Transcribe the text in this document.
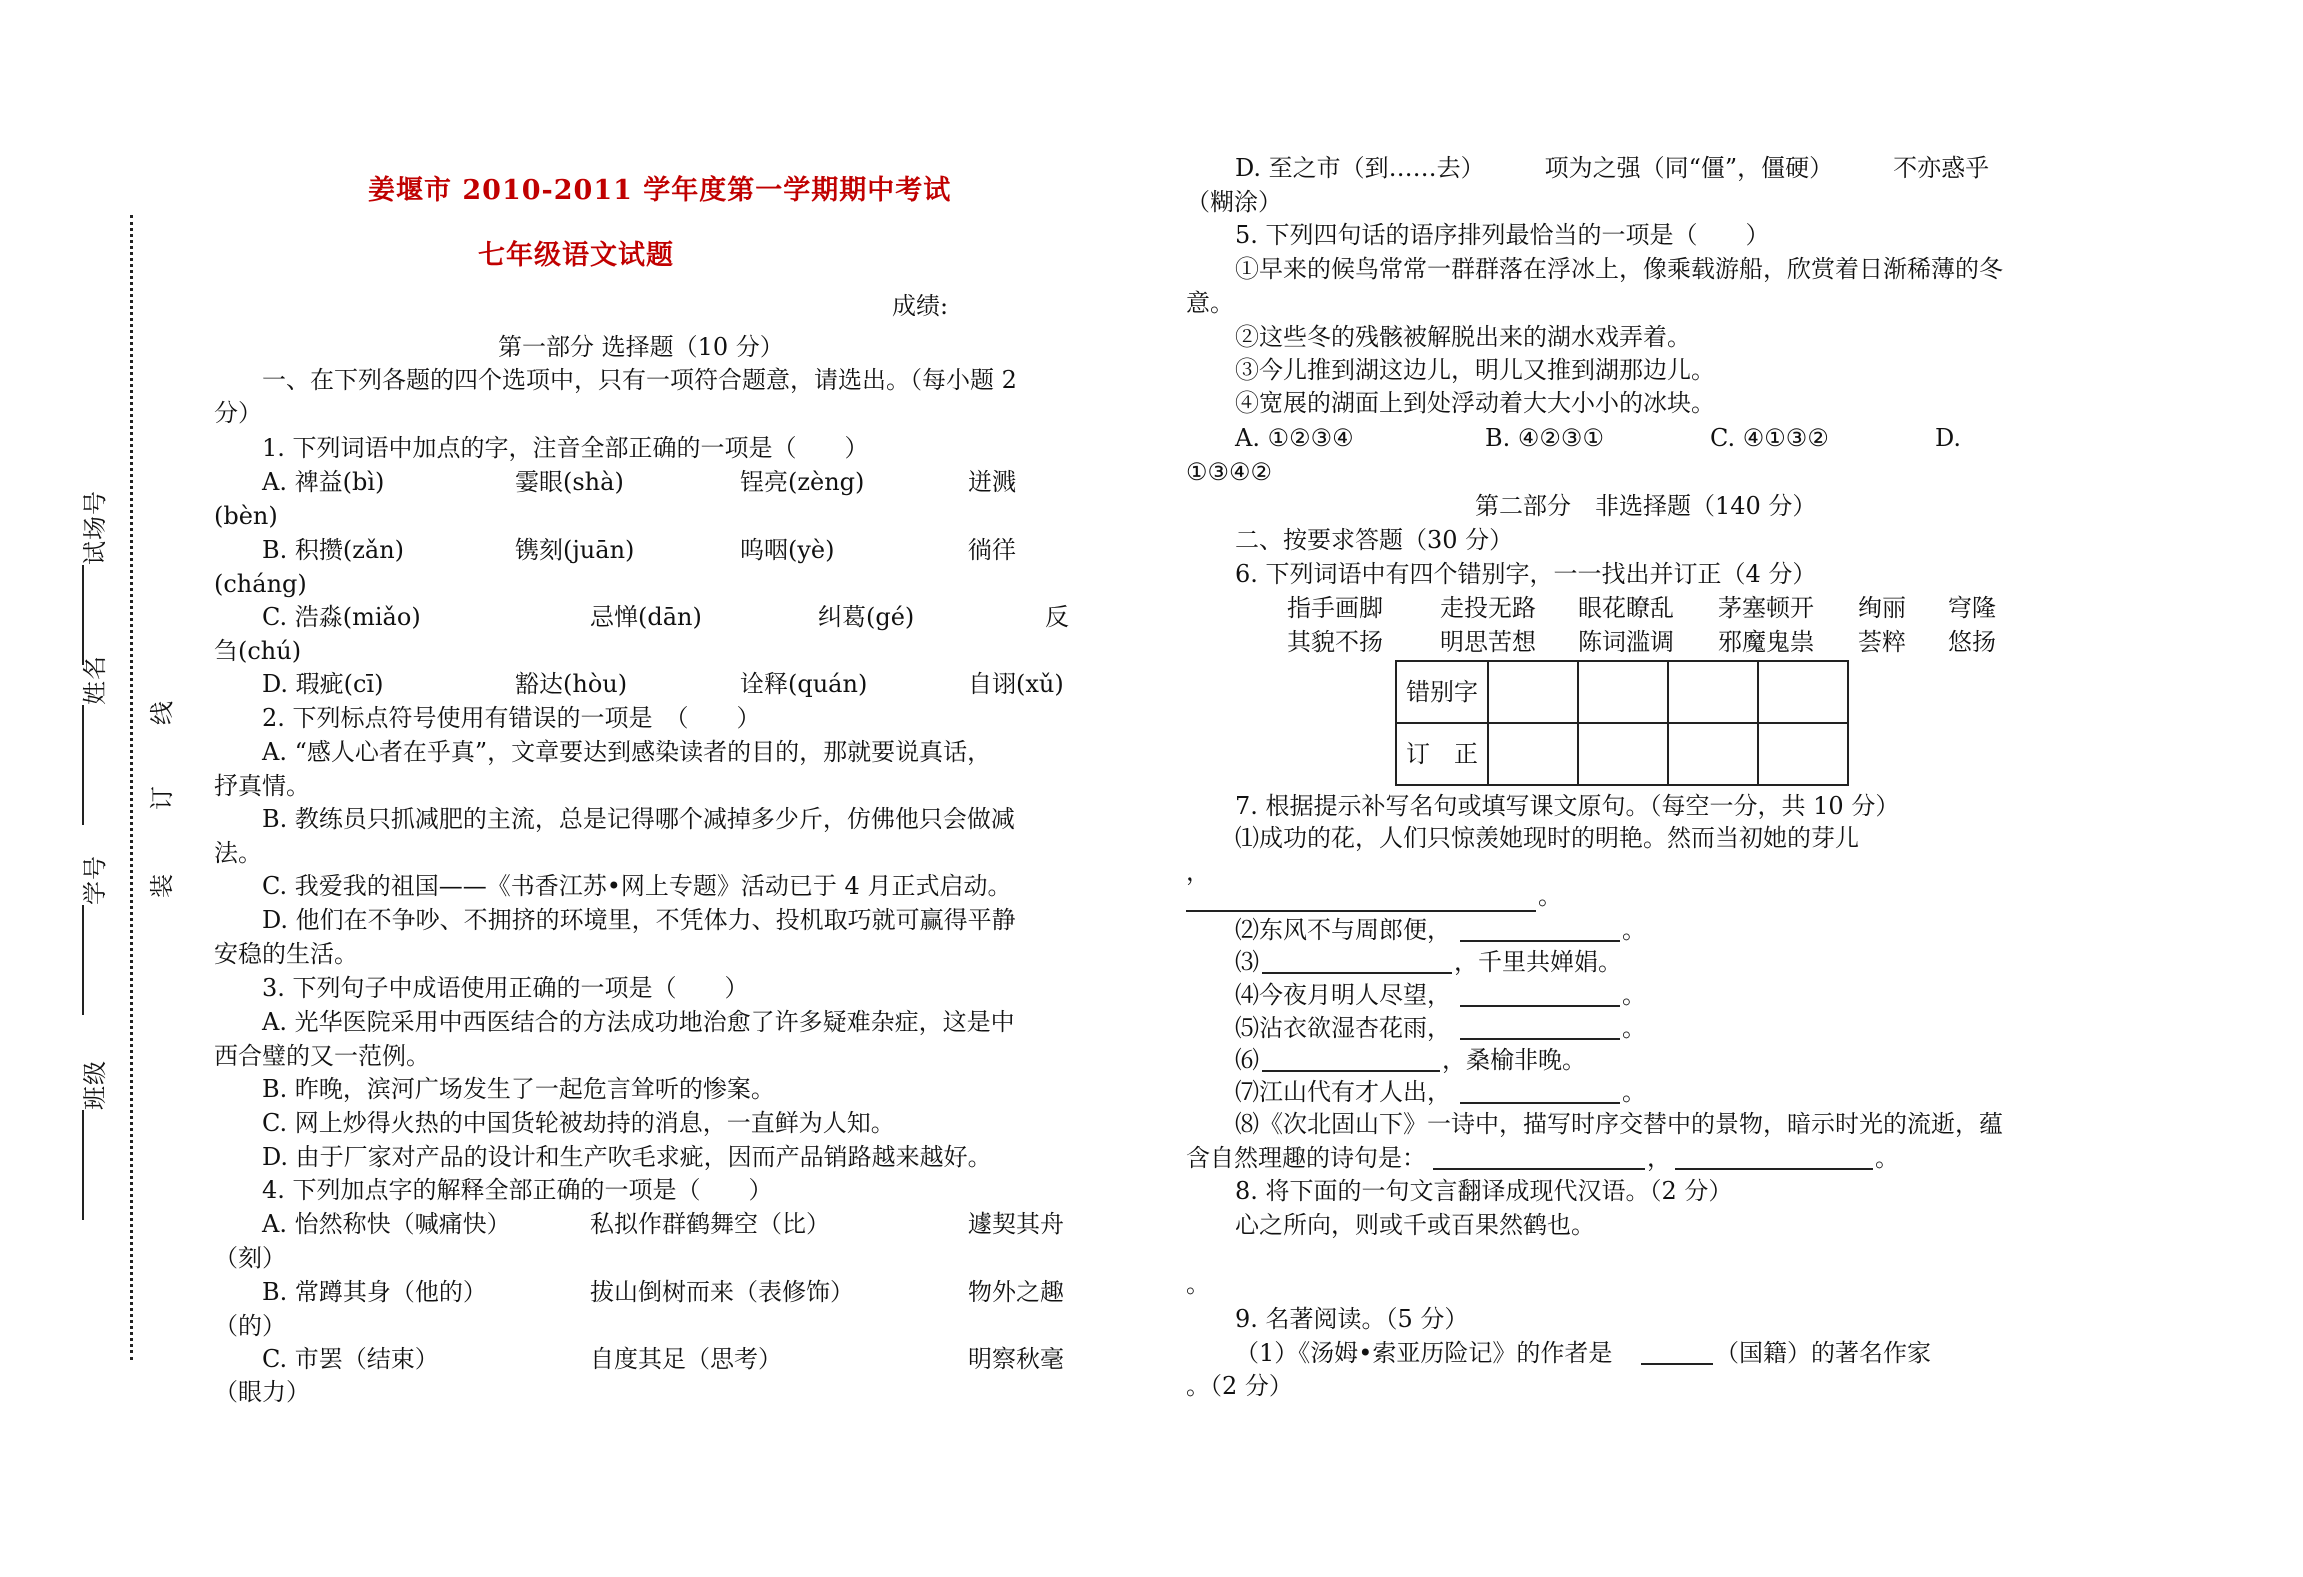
试场号
姓名
学号
班级
线
订
装
姜堰市 2010-2011 学年度第一学期期中考试
七年级语文试题
成绩:
第一部分 选择题（10 分）
一、在下列各题的四个选项中，只有一项符合题意，请选出。（每小题 2
分）
1. 下列词语中加点的字，注音全部正确的一项是（　　）
A. 禆益(bì)	霎眼(shà)	锃亮(zèng)	迸溅
(bèn)
B. 积攒(zǎn)	镌刻(juān)	呜咽(yè)	徜徉
(cháng)
C. 浩淼(miǎo)	忌惮(dān)	纠葛(gé)	反
刍(chú)
D. 瑕疵(cī)	豁达(hòu)	诠释(quán)	自诩(xǔ)
2. 下列标点符号使用有错误的一项是　（　　）
A. “感人心者在乎真”，文章要达到感染读者的目的，那就要说真话，
抒真情。
B. 教练员只抓减肥的主流，总是记得哪个减掉多少斤，仿佛他只会做减
法。
C. 我爱我的祖国——《书香江苏•网上专题》活动已于 4 月正式启动。
D. 他们在不争吵、不拥挤的环境里，不凭体力、投机取巧就可赢得平静
安稳的生活。
3. 下列句子中成语使用正确的一项是（　　）
A. 光华医院采用中西医结合的方法成功地治愈了许多疑难杂症，这是中
西合璧的又一范例。
B. 昨晚，滨河广场发生了一起危言耸听的惨案。
C. 网上炒得火热的中国货轮被劫持的消息，一直鲜为人知。
D. 由于厂家对产品的设计和生产吹毛求疵，因而产品销路越来越好。
4. 下列加点字的解释全部正确的一项是（　　）
A. 怡然称快（喊痛快）	私拟作群鹤舞空（比）	遽契其舟
（刻）
B. 常蹲其身（他的）	拔山倒树而来（表修饰）	物外之趣
（的）
C. 市罢（结束）	自度其足（思考）	明察秋毫
（眼力）
D. 至之市（到……去）　　　项为之强（同“僵”，僵硬）　　　不亦惑乎
（糊涂）
5. 下列四句话的语序排列最恰当的一项是（　　）
①早来的候鸟常常一群群落在浮冰上，像乘载游船，欣赏着日渐稀薄的冬
意。
②这些冬的残骸被解脱出来的湖水戏弄着。
③今儿推到湖这边儿，明儿又推到湖那边儿。
④宽展的湖面上到处浮动着大大小小的冰块。
A. ①②③④	B. ④②③①	C. ④①③②	D.
①③④②
第二部分　非选择题（140 分）
二、按要求答题（30 分）
6. 下列词语中有四个错别字，一一找出并订正（4 分）
指手画脚 走投无路 眼花瞭乱 茅塞顿开 绚丽 穹隆
其貌不扬 明思苦想 陈词滥调 邪魔鬼祟 荟粹 悠扬
错别字				
订　正				
7. 根据提示补写名句或填写课文原句。（每空一分，共 10 分）
⑴成功的花，人们只惊羡她现时的明艳。然而当初她的芽儿
，
。
⑵东风不与周郎便，	。
⑶	，千里共婵娟。
⑷今夜月明人尽望，	。
⑸沾衣欲湿杏花雨，	。
⑹	，桑榆非晚。
⑺江山代有才人出，	。
⑻《次北固山下》一诗中，描写时序交替中的景物，暗示时光的流逝，蕴
含自然理趣的诗句是：	，	。
8. 将下面的一句文言翻译成现代汉语。（2 分）
心之所向，则或千或百果然鹤也。
。
9. 名著阅读。（5 分）
（1）《汤姆•索亚历险记》的作者是	（国籍）的著名作家
。（2 分）
